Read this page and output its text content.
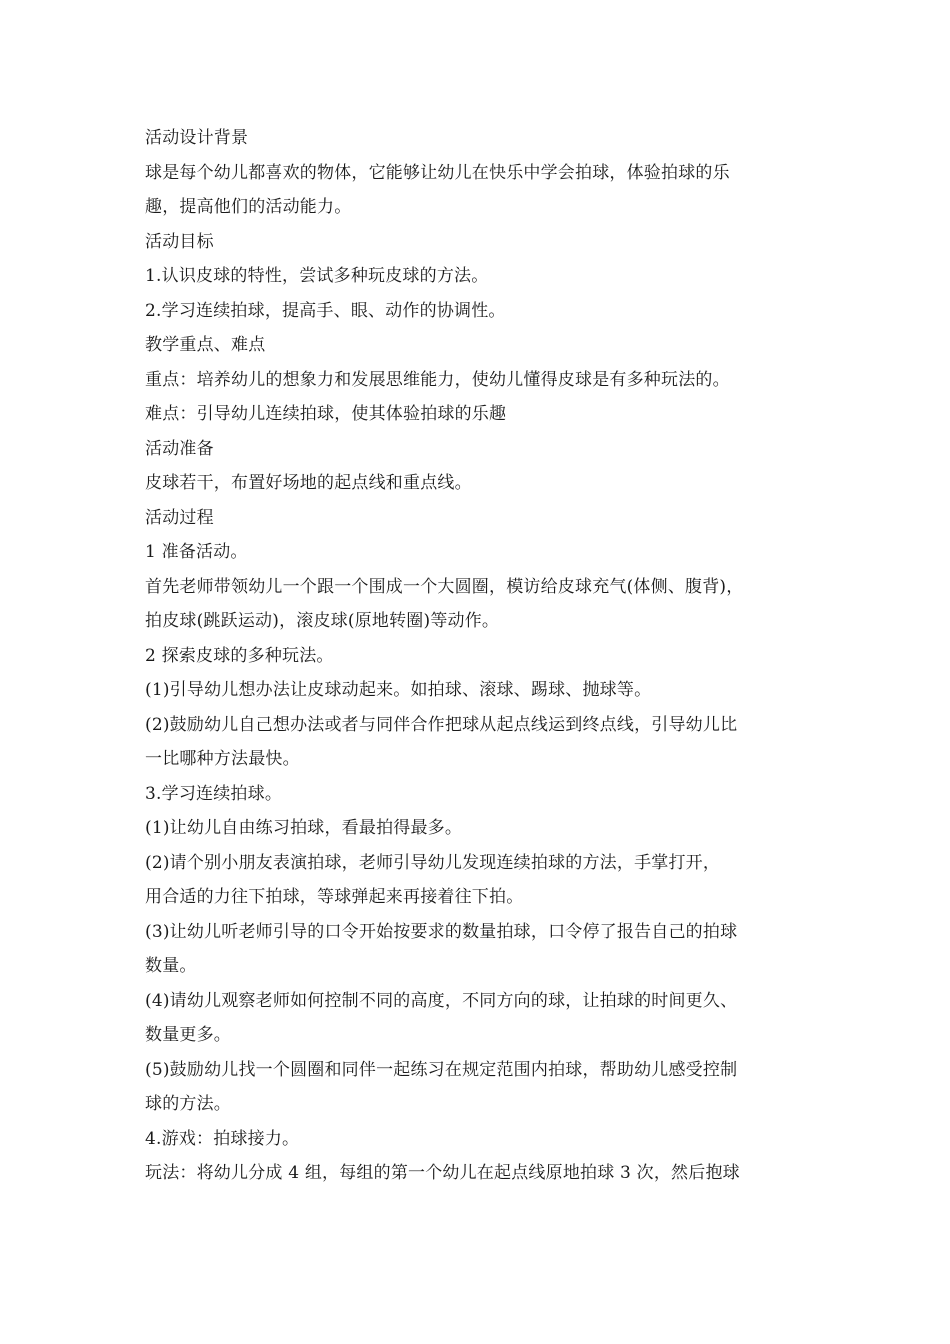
活动设计背景
球是每个幼儿都喜欢的物体，它能够让幼儿在快乐中学会拍球，体验拍球的乐
趣，提高他们的活动能力。
活动目标
1.认识皮球的特性，尝试多种玩皮球的方法。
2.学习连续拍球，提高手、眼、动作的协调性。
教学重点、难点
重点：培养幼儿的想象力和发展思维能力，使幼儿懂得皮球是有多种玩法的。
难点：引导幼儿连续拍球，使其体验拍球的乐趣
活动准备
皮球若干，布置好场地的起点线和重点线。
活动过程
1 准备活动。
首先老师带领幼儿一个跟一个围成一个大圆圈，模访给皮球充气(体侧、腹背)，
拍皮球(跳跃运动)，滚皮球(原地转圈)等动作。
2 探索皮球的多种玩法。
(1)引导幼儿想办法让皮球动起来。如拍球、滚球、踢球、抛球等。
(2)鼓励幼儿自己想办法或者与同伴合作把球从起点线运到终点线，引导幼儿比
一比哪种方法最快。
3.学习连续拍球。
(1)让幼儿自由练习拍球，看最拍得最多。
(2)请个别小朋友表演拍球，老师引导幼儿发现连续拍球的方法，手掌打开，
用合适的力往下拍球，等球弹起来再接着往下拍。
(3)让幼儿听老师引导的口令开始按要求的数量拍球，口令停了报告自己的拍球
数量。
(4)请幼儿观察老师如何控制不同的高度，不同方向的球，让拍球的时间更久、
数量更多。
(5)鼓励幼儿找一个圆圈和同伴一起练习在规定范围内拍球，帮助幼儿感受控制
球的方法。
4.游戏：拍球接力。
玩法：将幼儿分成 4 组，每组的第一个幼儿在起点线原地拍球 3 次，然后抱球
